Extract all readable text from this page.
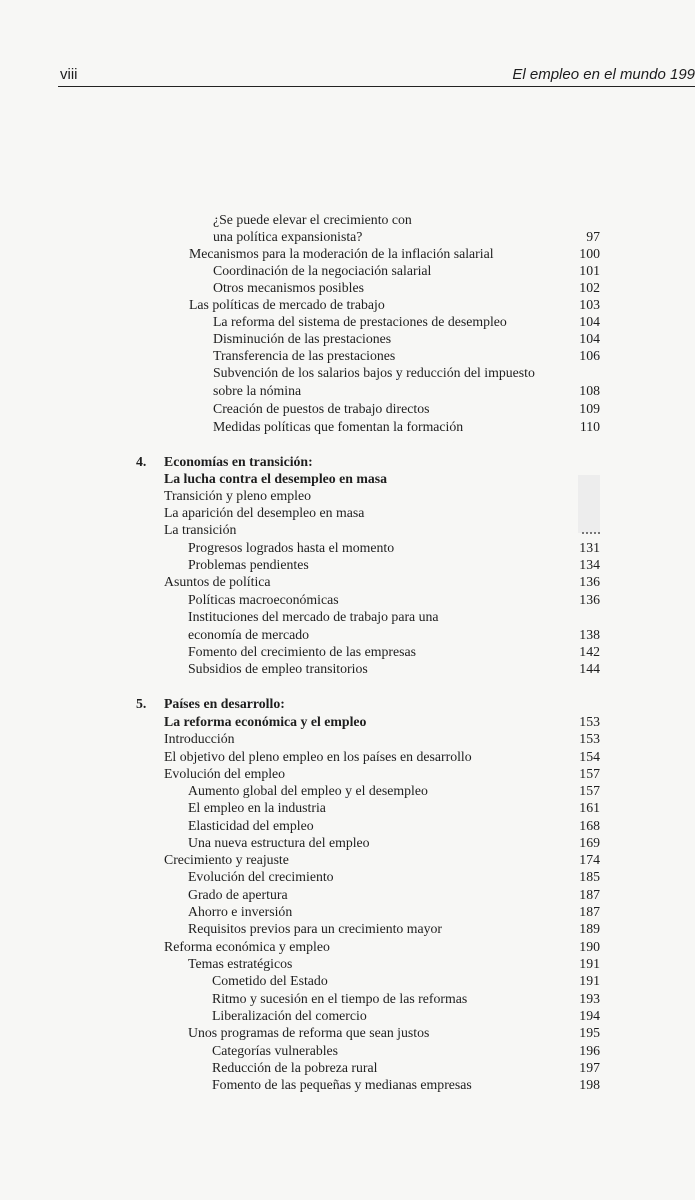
viii	El empleo en el mundo 199
¿Se puede elevar el crecimiento con
una política expansionista?	97
Mecanismos para la moderación de la inflación salarial	100
Coordinación de la negociación salarial	101
Otros mecanismos posibles	102
Las políticas de mercado de trabajo	103
La reforma del sistema de prestaciones de desempleo	104
Disminución de las prestaciones	104
Transferencia de las prestaciones	106
Subvención de los salarios bajos y reducción del impuesto
sobre la nómina	108
Creación de puestos de trabajo directos	109
Medidas políticas que fomentan la formación	110
4. Economías en transición:
La lucha contra el desempleo en masa
Transición y pleno empleo
La aparición del desempleo en masa
La transición
Progresos logrados hasta el momento	131
Problemas pendientes	134
Asuntos de política	136
Políticas macroeconómicas	136
Instituciones del mercado de trabajo para una
economía de mercado	138
Fomento del crecimiento de las empresas	142
Subsidios de empleo transitorios	144
5. Países en desarrollo:
La reforma económica y el empleo	153
Introducción	153
El objetivo del pleno empleo en los países en desarrollo	154
Evolución del empleo	157
Aumento global del empleo y el desempleo	157
El empleo en la industria	161
Elasticidad del empleo	168
Una nueva estructura del empleo	169
Crecimiento y reajuste	174
Evolución del crecimiento	185
Grado de apertura	187
Ahorro e inversión	187
Requisitos previos para un crecimiento mayor	189
Reforma económica y empleo	190
Temas estratégicos	191
Cometido del Estado	191
Ritmo y sucesión en el tiempo de las reformas	193
Liberalización del comercio	194
Unos programas de reforma que sean justos	195
Categorías vulnerables	196
Reducción de la pobreza rural	197
Fomento de las pequeñas y medianas empresas	198
